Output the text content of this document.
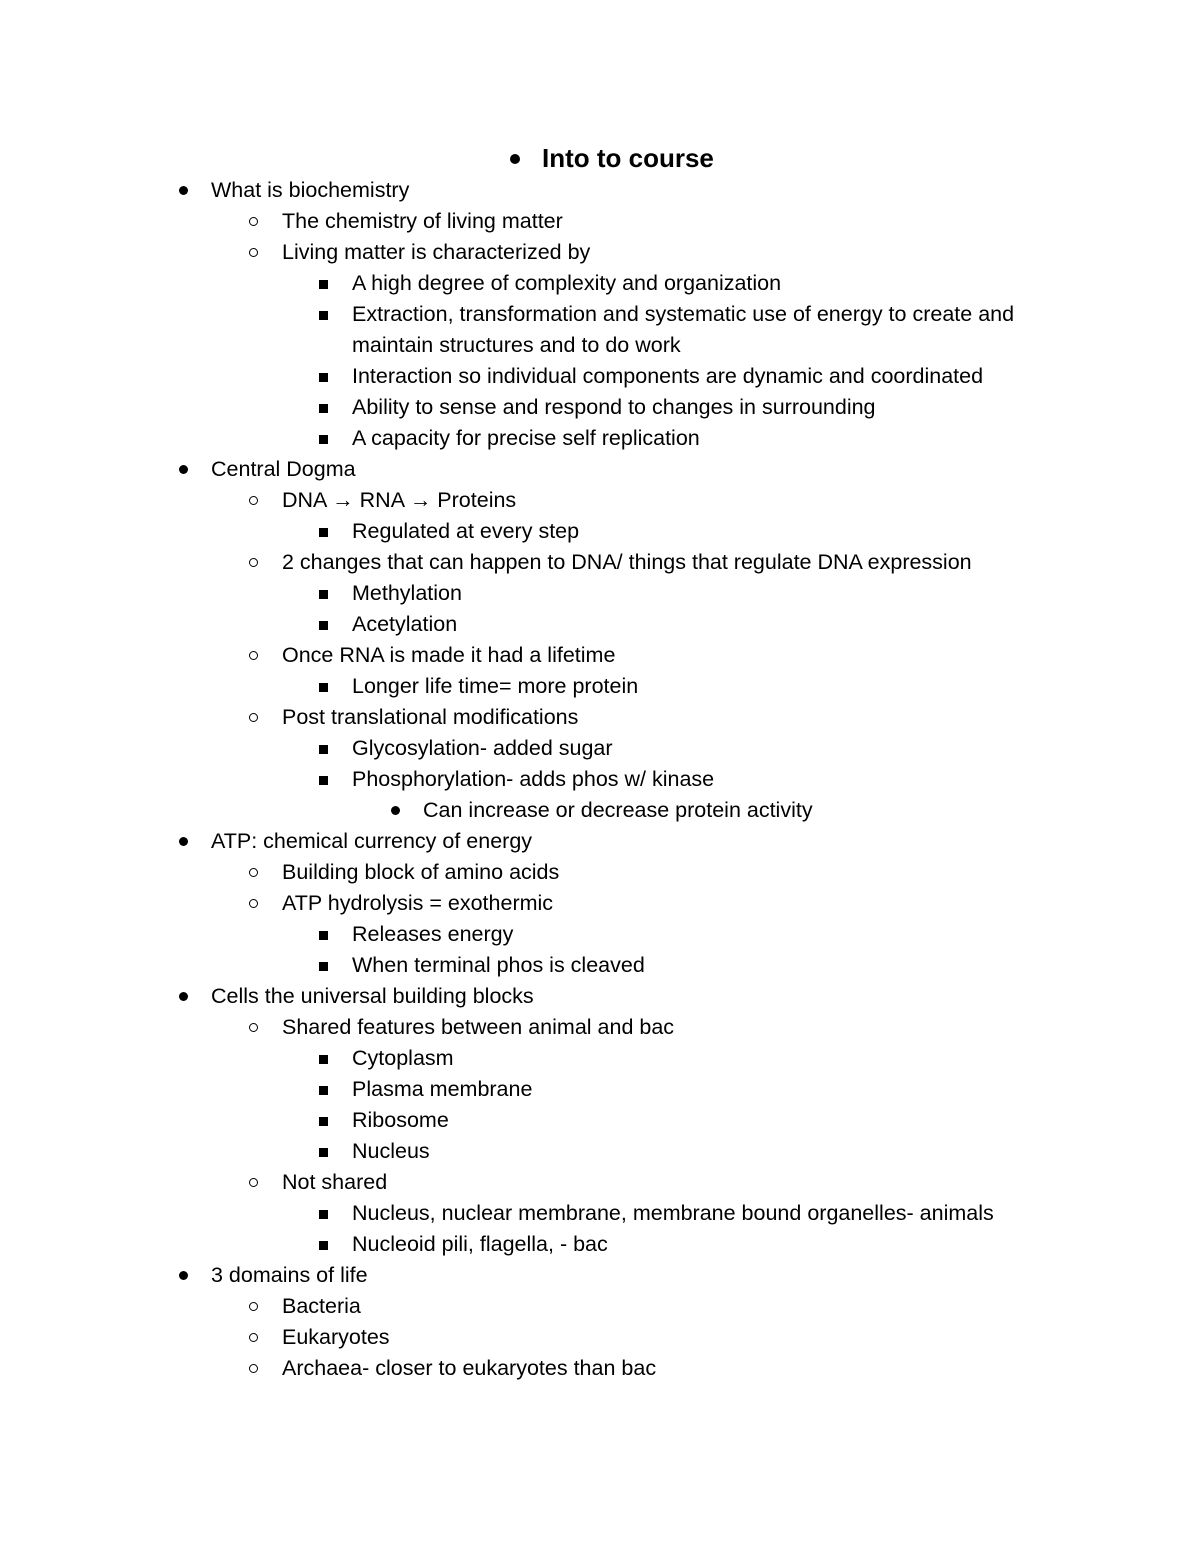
Into to course
What is biochemistry
The chemistry of living matter
Living matter is characterized by
A high degree of complexity and organization
Extraction, transformation and systematic use of energy to create and maintain structures and to do work
Interaction so individual components are dynamic and coordinated
Ability to sense and respond to changes in surrounding
A capacity for precise self replication
Central Dogma
DNA → RNA → Proteins
Regulated at every step
2 changes that can happen to DNA/ things that regulate DNA expression
Methylation
Acetylation
Once RNA is made it had a lifetime
Longer life time= more protein
Post translational modifications
Glycosylation- added sugar
Phosphorylation- adds phos w/ kinase
Can increase or decrease protein activity
ATP: chemical currency of energy
Building block of amino acids
ATP hydrolysis = exothermic
Releases energy
When terminal phos is cleaved
Cells the universal building blocks
Shared features between animal and bac
Cytoplasm
Plasma membrane
Ribosome
Nucleus
Not shared
Nucleus, nuclear membrane, membrane bound organelles- animals
Nucleoid pili, flagella, - bac
3 domains of life
Bacteria
Eukaryotes
Archaea- closer to eukaryotes than bac
